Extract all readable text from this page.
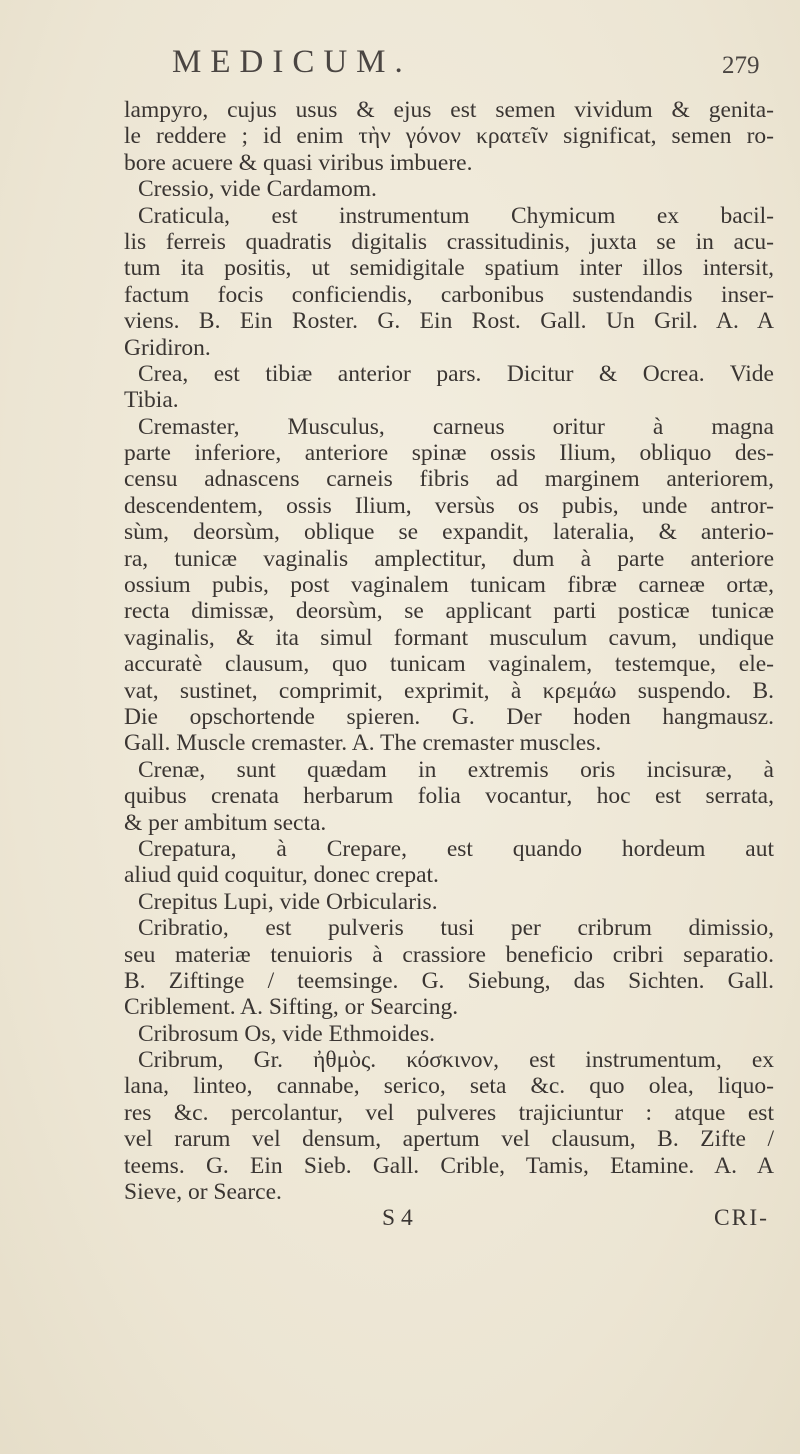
MEDICUM.	279
lampyro, cujus usus & ejus est semen vividum & genita-
le reddere ; id enim τὴν γόνον κρατεῖν significat, semen ro-
bore acuere & quasi viribus imbuere.
Cressio, vide Cardamom.
Craticula, est instrumentum Chymicum ex bacil-
lis ferreis quadratis digitalis crassitudinis, juxta se in acu-
tum ita positis, ut semidigitale spatium inter illos intersit,
factum focis conficiendis, carbonibus sustendandis inser-
viens. B. Ein Roster. G. Ein Rost. Gall. Un Gril. A. A
Gridiron.
Crea, est tibiæ anterior pars. Dicitur & Ocrea. Vide
Tibia.
Cremaster, Musculus, carneus oritur à magna
parte inferiore, anteriore spinæ ossis Ilium, obliquo des-
censu adnascens carneis fibris ad marginem anteriorem,
descendentem, ossis Ilium, versùs os pubis, unde antror-
sùm, deorsùm, oblique se expandit, lateralia, & anterio-
ra, tunicæ vaginalis amplectitur, dum à parte anteriore
ossium pubis, post vaginalem tunicam fibræ carneæ ortæ,
recta dimissæ, deorsùm, se applicant parti posticæ tunicæ
vaginalis, & ita simul formant musculum cavum, undique
accuratè clausum, quo tunicam vaginalem, testemque, ele-
vat, sustinet, comprimit, exprimit, à κρεμάω suspendo. B.
Die opschortende spieren. G. Der hoden hangmausz.
Gall. Muscle cremaster. A. The cremaster muscles.
Crenæ, sunt quædam in extremis oris incisuræ, à
quibus crenata herbarum folia vocantur, hoc est serrata,
& per ambitum secta.
Crepatura, à Crepare, est quando hordeum aut
aliud quid coquitur, donec crepat.
Crepitus Lupi, vide Orbicularis.
Cribratio, est pulveris tusi per cribrum dimissio,
seu materiæ tenuioris à crassiore beneficio cribri separatio.
B. Ziftinge / teemsinge. G. Siebung, das Sichten. Gall.
Criblement. A. Sifting, or Searcing.
Cribrosum Os, vide Ethmoides.
Cribrum, Gr. ἠθμὸς. κόσκινον, est instrumentum, ex
lana, linteo, cannabe, serico, seta &c. quo olea, liquo-
res &c. percolantur, vel pulveres trajiciuntur : atque est
vel rarum vel densum, apertum vel clausum, B. Zifte /
teems. G. Ein Sieb. Gall. Crible, Tamis, Etamine. A. A
Sieve, or Searce.
S 4	CRI-
